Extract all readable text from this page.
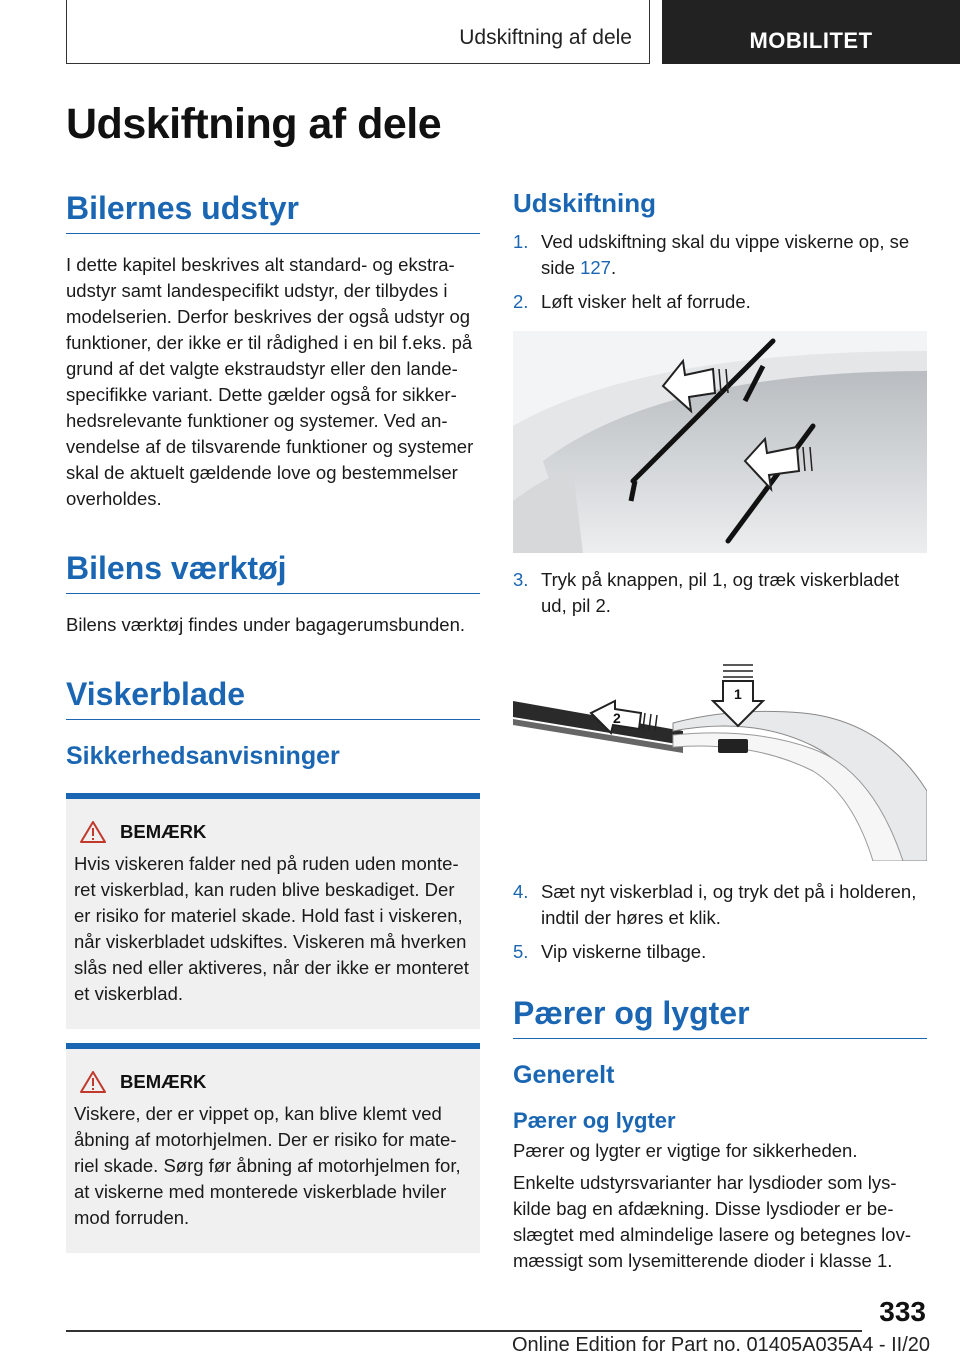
Udskiftning af dele	MOBILITET
Udskiftning af dele
Bilernes udstyr

I dette kapitel beskrives alt standard- og ekstraudstyr samt landespecifikt udstyr, der tilbydes i modelserien. Derfor beskrives der også udstyr og funktioner, der ikke er til rådighed i en bil f.eks. på grund af det valgte ekstraudstyr eller den landespecifikke variant. Dette gælder også for sikkerhedsrelevante funktioner og systemer. Ved anvendelse af de tilsvarende funktioner og systemer skal de aktuelt gældende love og bestemmelser overholdes.

Bilens værktøj

Bilens værktøj findes under bagagerumsbunden.

Viskerblade
Sikkerhedsanvisninger
BEMÆRK

Hvis viskeren falder ned på ruden uden monteret viskerblad, kan ruden blive beskadiget. Der er risiko for materiel skade. Hold fast i viskeren, når viskerbladet udskiftes. Viskeren må hverken slås ned eller aktiveres, når der ikke er monteret et viskerblad.

BEMÆRK

Viskere, der er vippet op, kan blive klemt ved åbning af motorhjelmen. Der er risiko for materiel skade. Sørg før åbning af motorhjelmen for, at viskerne med monterede viskerblade hviler mod forruden.

Udskiftning
1. Ved udskiftning skal du vippe viskerne op, se side 127.
2. Løft visker helt af forrude.
3. Tryk på knappen, pil 1, og træk viskerbladet ud, pil 2.
2
1
4. Sæt nyt viskerblad i, og tryk det på i holderen, indtil der høres et klik.
5. Vip viskerne tilbage.
Pærer og lygter
Generelt
Pærer og lygter

Pærer og lygter er vigtige for sikkerheden.

Enkelte udstyrsvarianter har lysdioder som lyskilde bag en afdækning. Disse lysdioder er beslægtet med almindelige lasere og betegnes lovmæssigt som lysemitterende dioder i klasse 1.

333
Online Edition for Part no. 01405A035A4 - II/20
